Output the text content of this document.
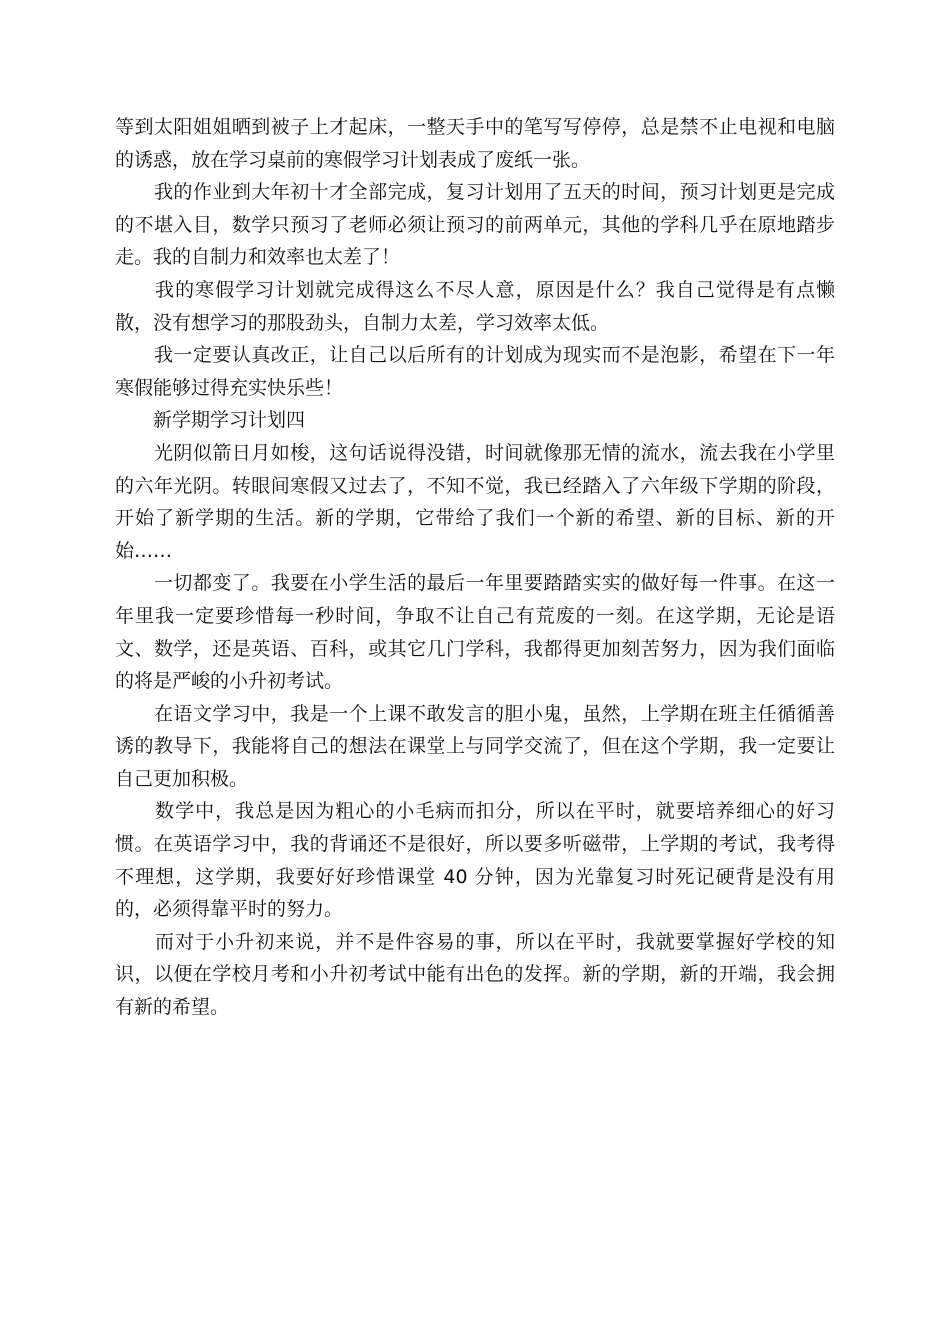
等到太阳姐姐晒到被子上才起床，一整天手中的笔写写停停，总是禁不止电视和电脑的诱惑，放在学习桌前的寒假学习计划表成了废纸一张。

　　我的作业到大年初十才全部完成，复习计划用了五天的时间，预习计划更是完成的不堪入目，数学只预习了老师必须让预习的前两单元，其他的学科几乎在原地踏步走。我的自制力和效率也太差了！

　　我的寒假学习计划就完成得这么不尽人意，原因是什么？我自己觉得是有点懒散，没有想学习的那股劲头，自制力太差，学习效率太低。

　　我一定要认真改正，让自己以后所有的计划成为现实而不是泡影，希望在下一年寒假能够过得充实快乐些！

　　新学期学习计划四

　　光阴似箭日月如梭，这句话说得没错，时间就像那无情的流水，流去我在小学里的六年光阴。转眼间寒假又过去了，不知不觉，我已经踏入了六年级下学期的阶段，开始了新学期的生活。新的学期，它带给了我们一个新的希望、新的目标、新的开始……

　　一切都变了。我要在小学生活的最后一年里要踏踏实实的做好每一件事。在这一年里我一定要珍惜每一秒时间，争取不让自己有荒废的一刻。在这学期，无论是语文、数学，还是英语、百科，或其它几门学科，我都得更加刻苦努力，因为我们面临的将是严峻的小升初考试。

　　在语文学习中，我是一个上课不敢发言的胆小鬼，虽然，上学期在班主任循循善诱的教导下，我能将自己的想法在课堂上与同学交流了，但在这个学期，我一定要让自己更加积极。

　　数学中，我总是因为粗心的小毛病而扣分，所以在平时，就要培养细心的好习惯。在英语学习中，我的背诵还不是很好，所以要多听磁带，上学期的考试，我考得不理想，这学期，我要好好珍惜课堂 40 分钟，因为光靠复习时死记硬背是没有用的，必须得靠平时的努力。

　　而对于小升初来说，并不是件容易的事，所以在平时，我就要掌握好学校的知识，以便在学校月考和小升初考试中能有出色的发挥。新的学期，新的开端，我会拥有新的希望。
